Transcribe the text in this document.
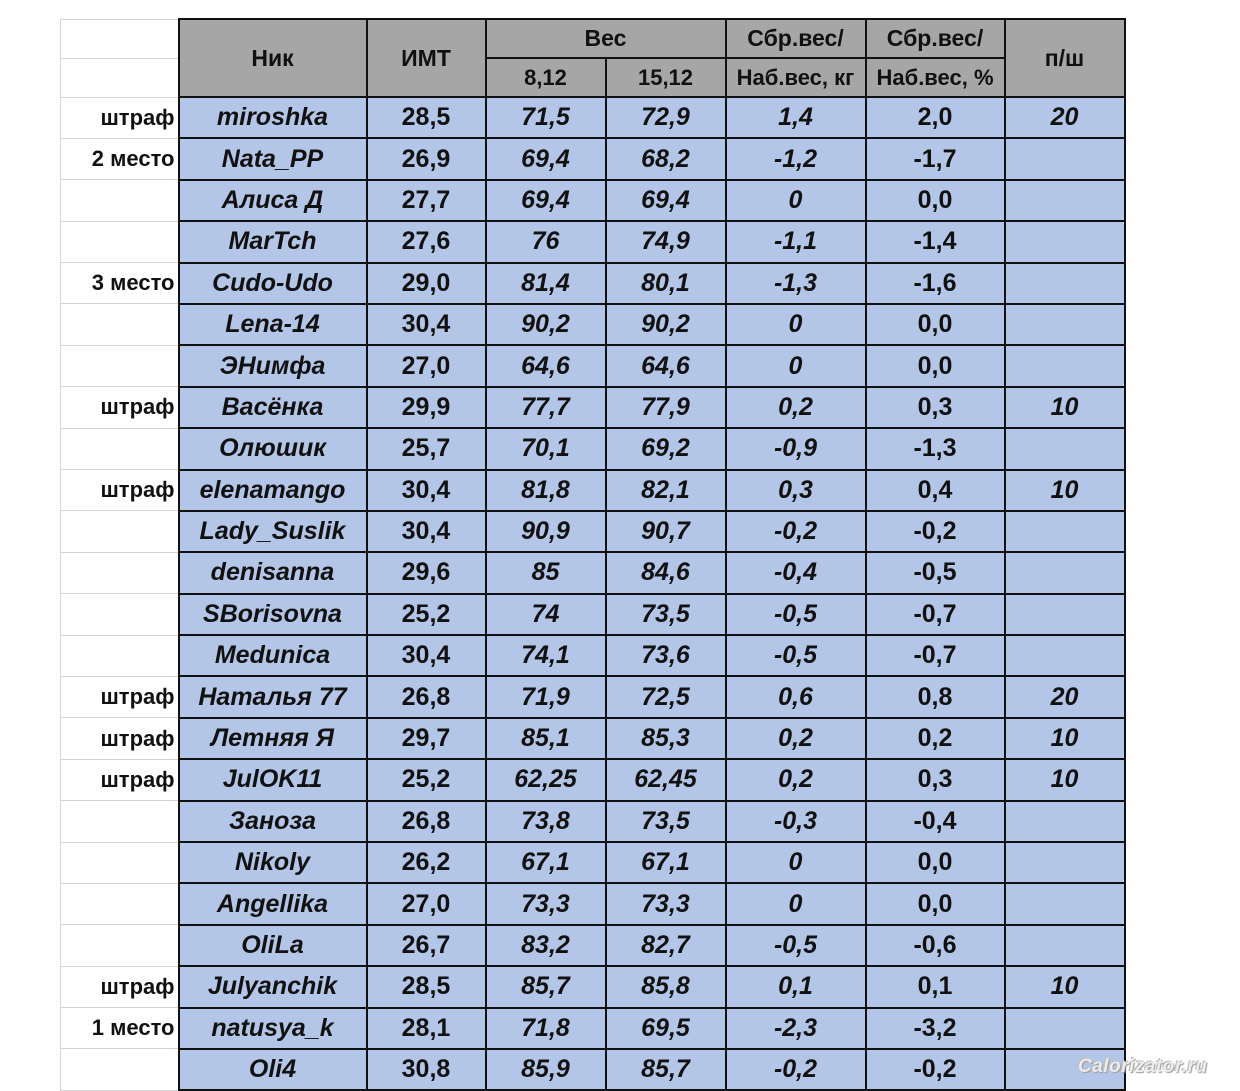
	Ник	ИМТ	Вес		Сбр.вес/	Сбр.вес/	п/ш
			8,12	15,12	Наб.вес, кг	Наб.вес, %	
штраф	miroshka	28,5	71,5	72,9	1,4	2,0	20
2 место	Nata_PP	26,9	69,4	68,2	-1,2	-1,7	
	Алиса Д	27,7	69,4	69,4	0	0,0	
	MarTch	27,6	76	74,9	-1,1	-1,4	
3 место	Cudo-Udo	29,0	81,4	80,1	-1,3	-1,6	
	Lena-14	30,4	90,2	90,2	0	0,0	
	ЭНимфа	27,0	64,6	64,6	0	0,0	
штраф	Васёнка	29,9	77,7	77,9	0,2	0,3	10
	Олюшик	25,7	70,1	69,2	-0,9	-1,3	
штраф	elenamango	30,4	81,8	82,1	0,3	0,4	10
	Lady_Suslik	30,4	90,9	90,7	-0,2	-0,2	
	denisanna	29,6	85	84,6	-0,4	-0,5	
	SBorisovna	25,2	74	73,5	-0,5	-0,7	
	Medunica	30,4	74,1	73,6	-0,5	-0,7	
штраф	Наталья 77	26,8	71,9	72,5	0,6	0,8	20
штраф	Летняя Я	29,7	85,1	85,3	0,2	0,2	10
штраф	JulOK11	25,2	62,25	62,45	0,2	0,3	10
	Заноза	26,8	73,8	73,5	-0,3	-0,4	
	Nikoly	26,2	67,1	67,1	0	0,0	
	Angellika	27,0	73,3	73,3	0	0,0	
	OliLa	26,7	83,2	82,7	-0,5	-0,6	
штраф	Julyanchik	28,5	85,7	85,8	0,1	0,1	10
1 место	natusya_k	28,1	71,8	69,5	-2,3	-3,2	
	Oli4	30,8	85,9	85,7	-0,2	-0,2		Calorizator.ru
